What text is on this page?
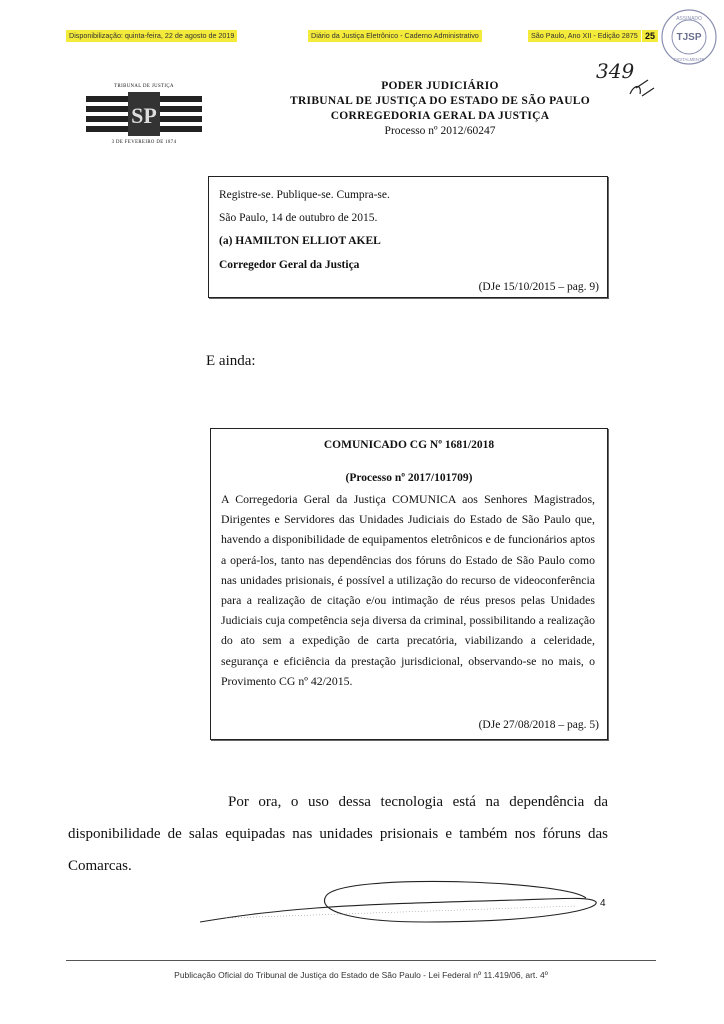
Disponibilização: quinta-feira, 22 de agosto de 2019	Diário da Justiça Eletrônico - Caderno Administrativo	São Paulo, Ano XII - Edição 2875 25
ASSINADO
DIGITALMENTE
TJSP
TRIBUNAL DE JUSTIÇA
SP
3 DE FEVEREIRO DE 1874
349
PODER JUDICIÁRIO
TRIBUNAL DE JUSTIÇA DO ESTADO DE SÃO PAULO
CORREGEDORIA GERAL DA JUSTIÇA
Processo nº 2012/60247

Registre-se. Publique-se. Cumpra-se.

São Paulo, 14 de outubro de 2015.

(a) HAMILTON ELLIOT AKEL

Corregedor Geral da Justiça

(DJe 15/10/2015 – pag. 9)

E ainda:
COMUNICADO CG Nº 1681/2018
(Processo nº 2017/101709)
A Corregedoria Geral da Justiça COMUNICA aos Senhores Magistrados, Dirigentes e Servidores das Unidades Judiciais do Estado de São Paulo que, havendo a disponibilidade de equipamentos eletrônicos e de funcionários aptos a operá-los, tanto nas dependências dos fóruns do Estado de São Paulo como nas unidades prisionais, é possível a utilização do recurso de videoconferência para a realização de citação e/ou intimação de réus presos pelas Unidades Judiciais cuja competência seja diversa da criminal, possibilitando a realização do ato sem a expedição de carta precatória, viabilizando a celeridade, segurança e eficiência da prestação jurisdicional, observando-se no mais, o Provimento CG nº 42/2015.
(DJe 27/08/2018 – pag. 5)
Por ora, o uso dessa tecnologia está na dependência da disponibilidade de salas equipadas nas unidades prisionais e também nos fóruns das Comarcas.
4
Publicação Oficial do Tribunal de Justiça do Estado de São Paulo - Lei Federal nº 11.419/06, art. 4º
